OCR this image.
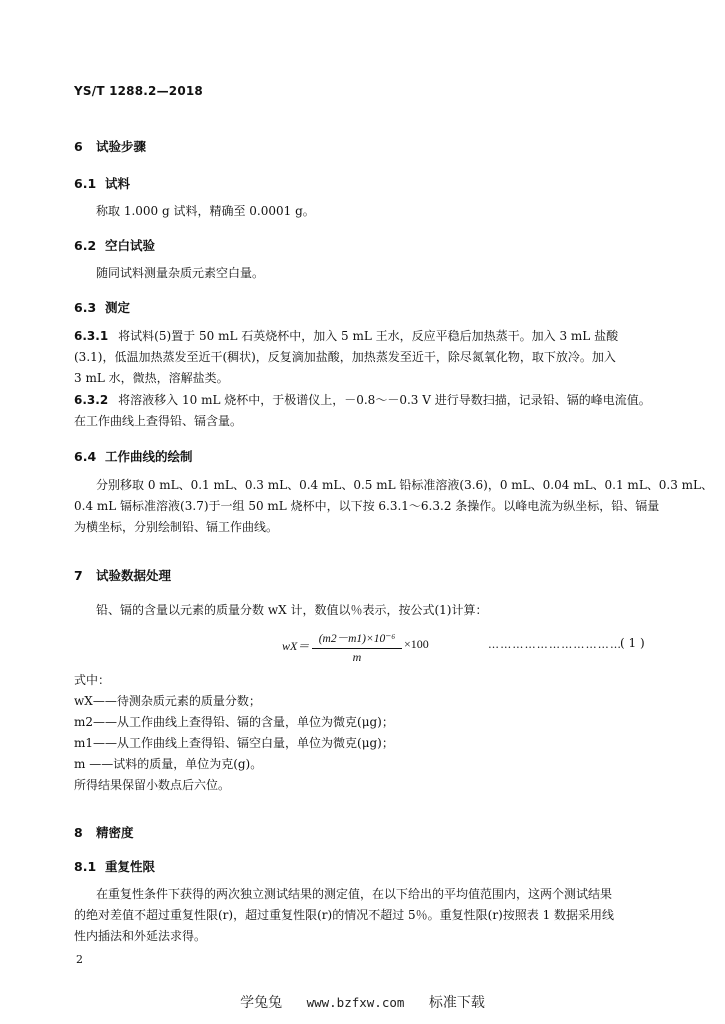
YS/T 1288.2—2018
6 试验步骤
6.1 试料
称取 1.000 g 试料，精确至 0.0001 g。
6.2 空白试验
随同试料测量杂质元素空白量。
6.3 测定
6.3.1 将试料(5)置于 50 mL 石英烧杯中，加入 5 mL 王水，反应平稳后加热蒸干。加入 3 mL 盐酸
(3.1)，低温加热蒸发至近干(稠状)，反复滴加盐酸，加热蒸发至近干，除尽氮氧化物，取下放冷。加入
3 mL 水，微热，溶解盐类。
6.3.2 将溶液移入 10 mL 烧杯中，于极谱仪上，－0.8～－0.3 V 进行导数扫描，记录铅、镉的峰电流值。
在工作曲线上查得铅、镉含量。
6.4 工作曲线的绘制
分别移取 0 mL、0.1 mL、0.3 mL、0.4 mL、0.5 mL 铅标准溶液(3.6)，0 mL、0.04 mL、0.1 mL、0.3 mL、
0.4 mL 镉标准溶液(3.7)于一组 50 mL 烧杯中，以下按 6.3.1～6.3.2 条操作。以峰电流为纵坐标，铅、镉量
为横坐标，分别绘制铅、镉工作曲线。
7 试验数据处理
铅、镉的含量以元素的质量分数 wX 计，数值以％表示，按公式(1)计算：
$wX= \frac{\text{(m2－m1)×10⁻⁶}}{m} \times 100$	……………………………
( 1 )
式中：
wX——待测杂质元素的质量分数；
m2——从工作曲线上查得铅、镉的含量，单位为微克(μg)；
m1——从工作曲线上查得铅、镉空白量，单位为微克(μg)；
m ——试料的质量，单位为克(g)。
所得结果保留小数点后六位。
8 精密度
8.1 重复性限
在重复性条件下获得的两次独立测试结果的测定值，在以下给出的平均值范围内，这两个测试结果
的绝对差值不超过重复性限(r)，超过重复性限(r)的情况不超过 5％。重复性限(r)按照表 1 数据采用线
性内插法和外延法求得。
2
学兔兔 www.bzfxw.com 标准下载
